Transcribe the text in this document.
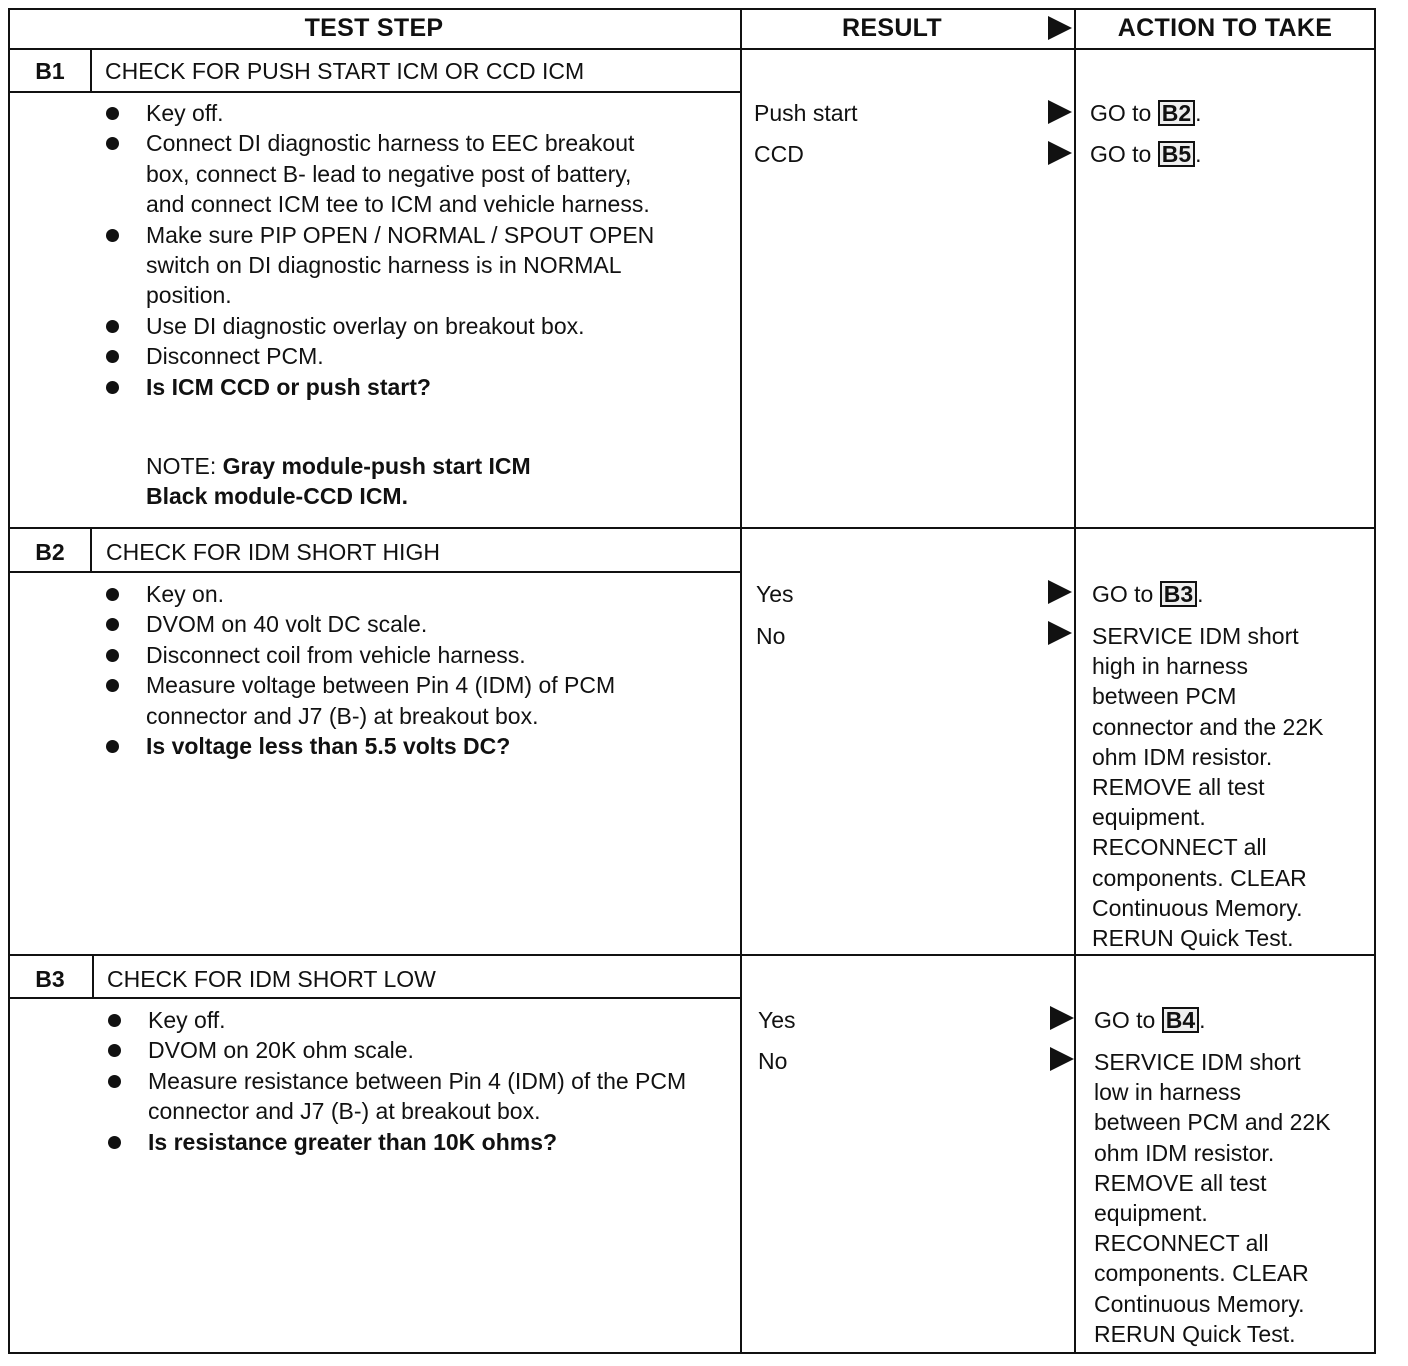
TEST STEP	RESULT	ACTION TO TAKE
B1	CHECK FOR PUSH START ICM OR CCD ICM
Key off.
Connect DI diagnostic harness to EEC breakout box, connect B- lead to negative post of battery, and connect ICM tee to ICM and vehicle harness.
Make sure PIP OPEN / NORMAL / SPOUT OPEN switch on DI diagnostic harness is in NORMAL position.
Use DI diagnostic overlay on breakout box.
Disconnect PCM.
Is ICM CCD or push start?
NOTE: Gray module-push start ICM
Black module-CCD ICM.
Push start	GO to B2 .
CCD	GO to B5 .
B2	CHECK FOR IDM SHORT HIGH
Key on.
DVOM on 40 volt DC scale.
Disconnect coil from vehicle harness.
Measure voltage between Pin 4 (IDM) of PCM connector and J7 (B-) at breakout box.
Is voltage less than 5.5 volts DC?
Yes	GO to B3 .
No	SERVICE IDM short
high in harness
between PCM
connector and the 22K
ohm IDM resistor.
REMOVE all test
equipment.
RECONNECT all
components. CLEAR
Continuous Memory.
RERUN Quick Test.
B3	CHECK FOR IDM SHORT LOW
Key off.
DVOM on 20K ohm scale.
Measure resistance between Pin 4 (IDM) of the PCM connector and J7 (B-) at breakout box.
Is resistance greater than 10K ohms?
Yes	GO to B4 .
No	SERVICE IDM short
low in harness
between PCM and 22K
ohm IDM resistor.
REMOVE all test
equipment.
RECONNECT all
components. CLEAR
Continuous Memory.
RERUN Quick Test.
